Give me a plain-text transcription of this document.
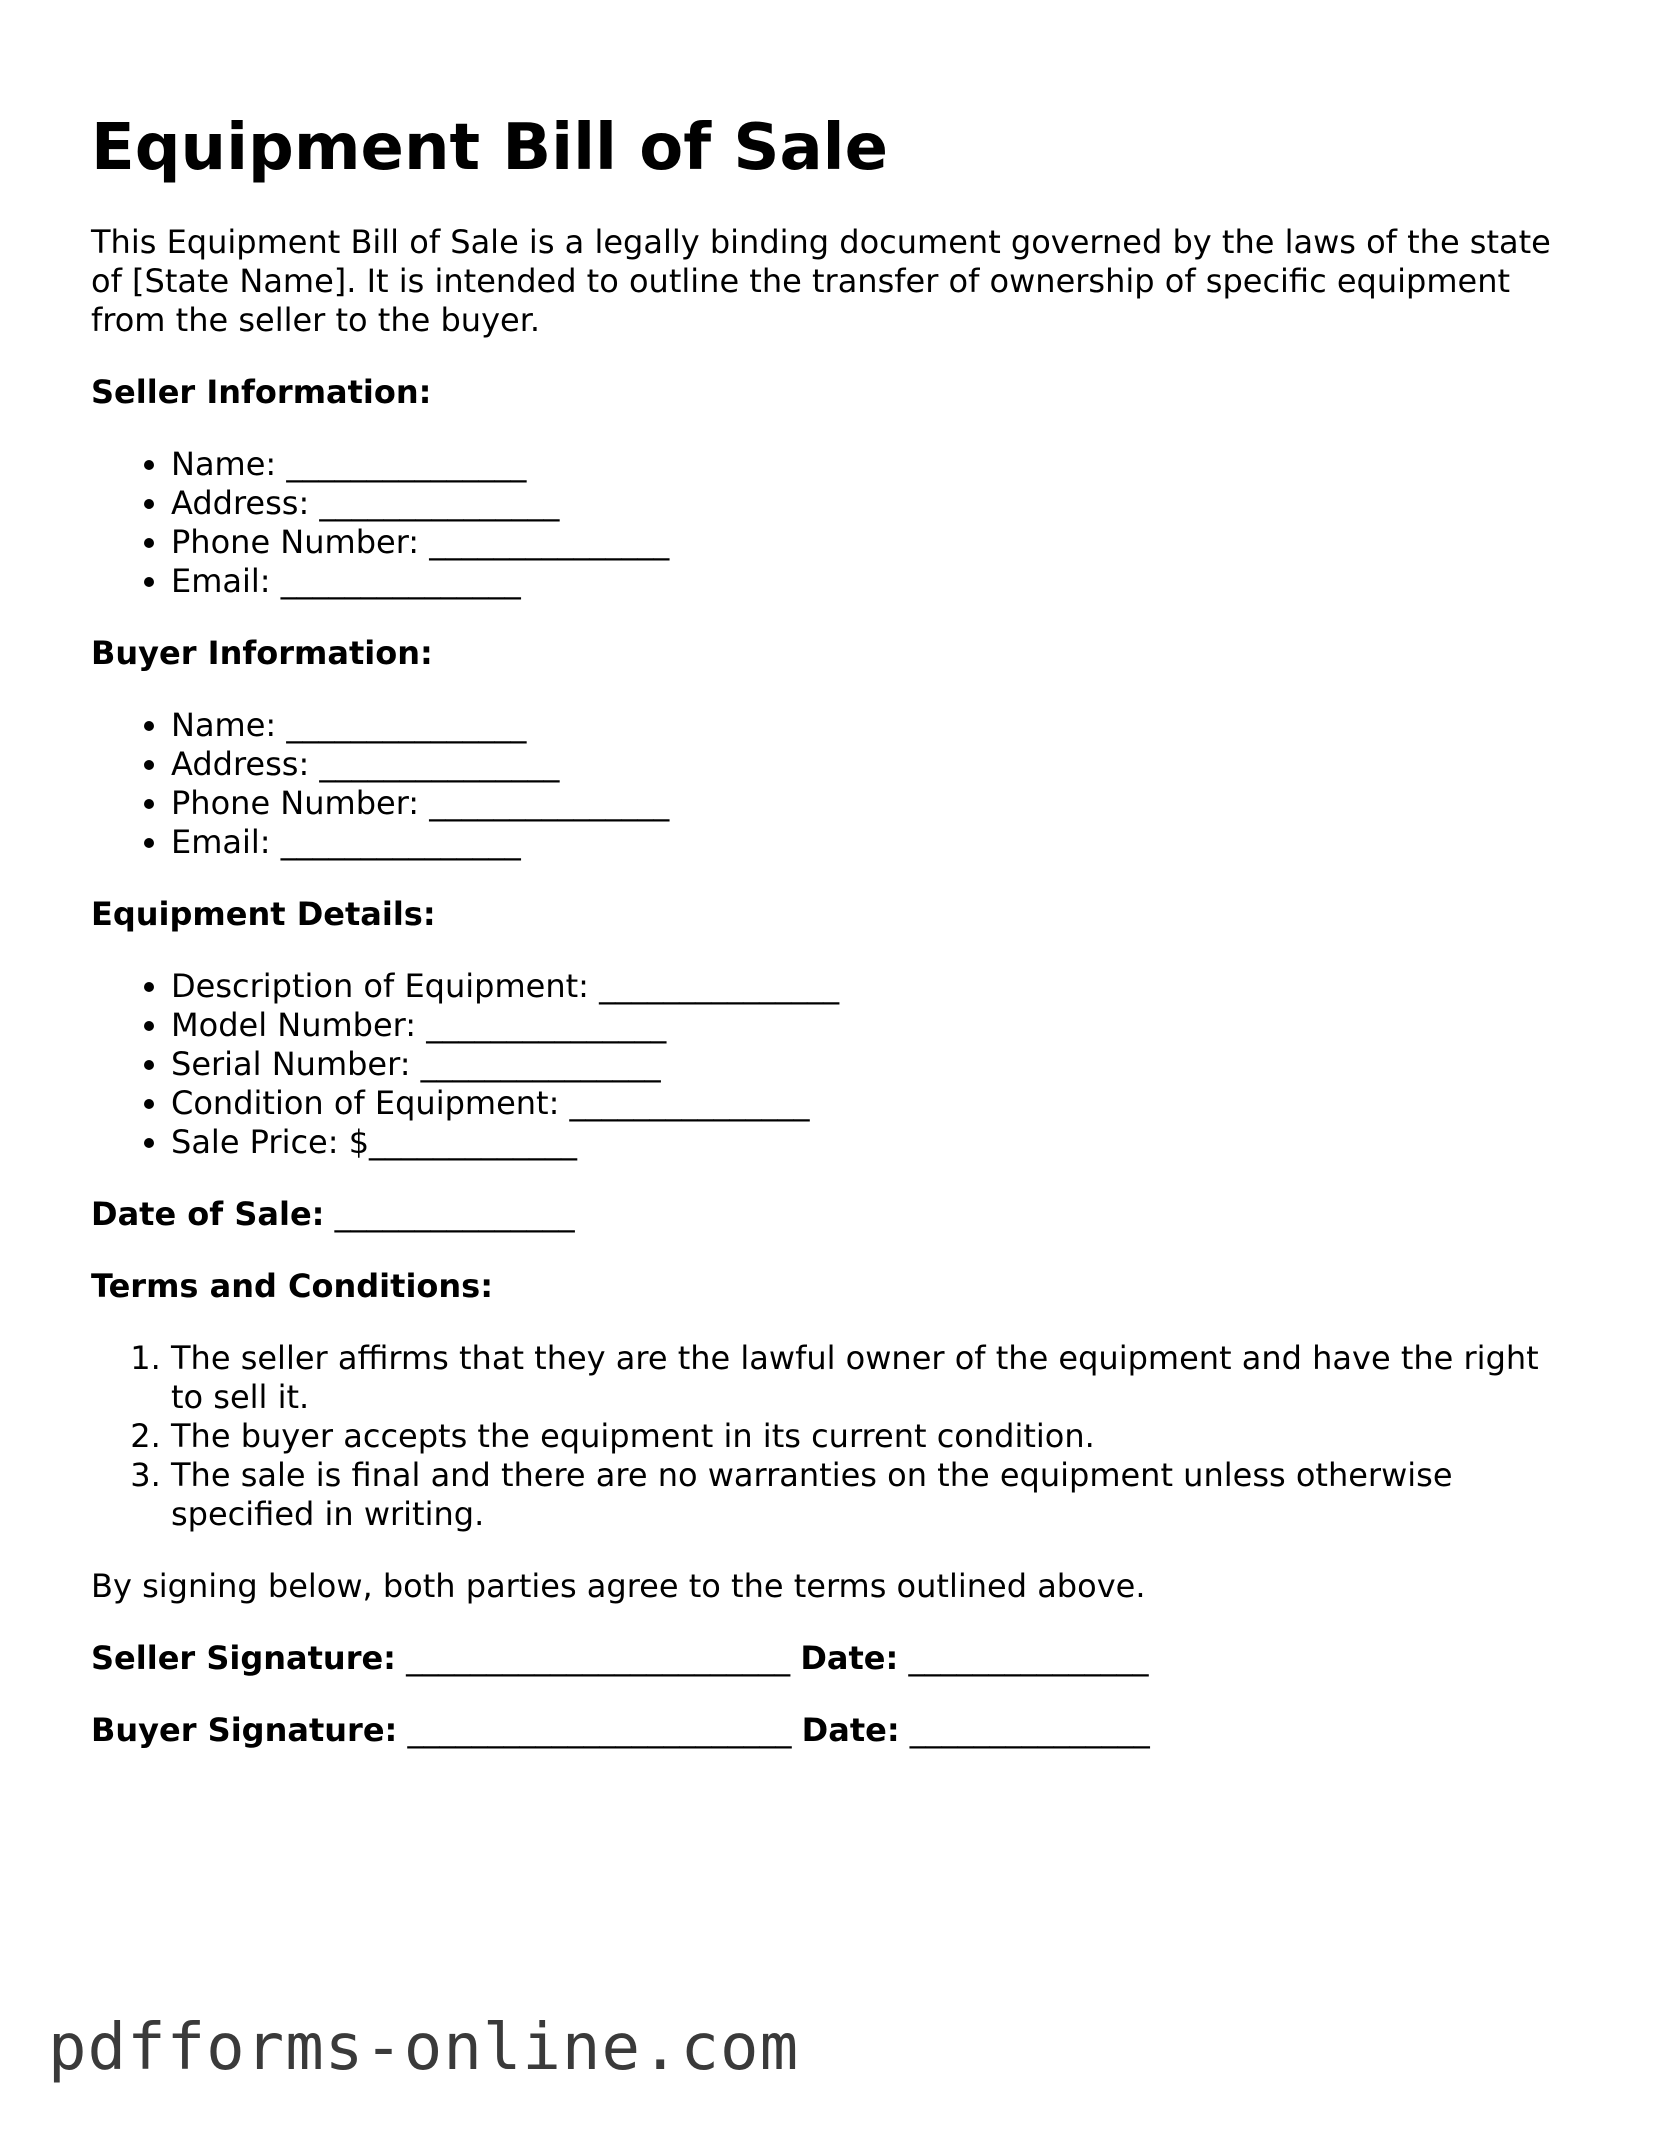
Equipment Bill of Sale

This Equipment Bill of Sale is a legally binding document governed by the laws of the state of [State Name]. It is intended to outline the transfer of ownership of specific equipment from the seller to the buyer.

Seller Information:
• Name: _______________
• Address: _______________
• Phone Number: _______________
• Email: _______________
Buyer Information:
• Name: _______________
• Address: _______________
• Phone Number: _______________
• Email: _______________
Equipment Details:
• Description of Equipment: _______________
• Model Number: _______________
• Serial Number: _______________
• Condition of Equipment: _______________
• Sale Price: $_____________
Date of Sale: _______________
Terms and Conditions:
1. The seller affirms that they are the lawful owner of the equipment and have the right to sell it.
2. The buyer accepts the equipment in its current condition.
3. The sale is final and there are no warranties on the equipment unless otherwise specified in writing.

By signing below, both parties agree to the terms outlined above.

Seller Signature: ________________________ Date: _______________
Buyer Signature: ________________________ Date: _______________
pdfforms-online.com
